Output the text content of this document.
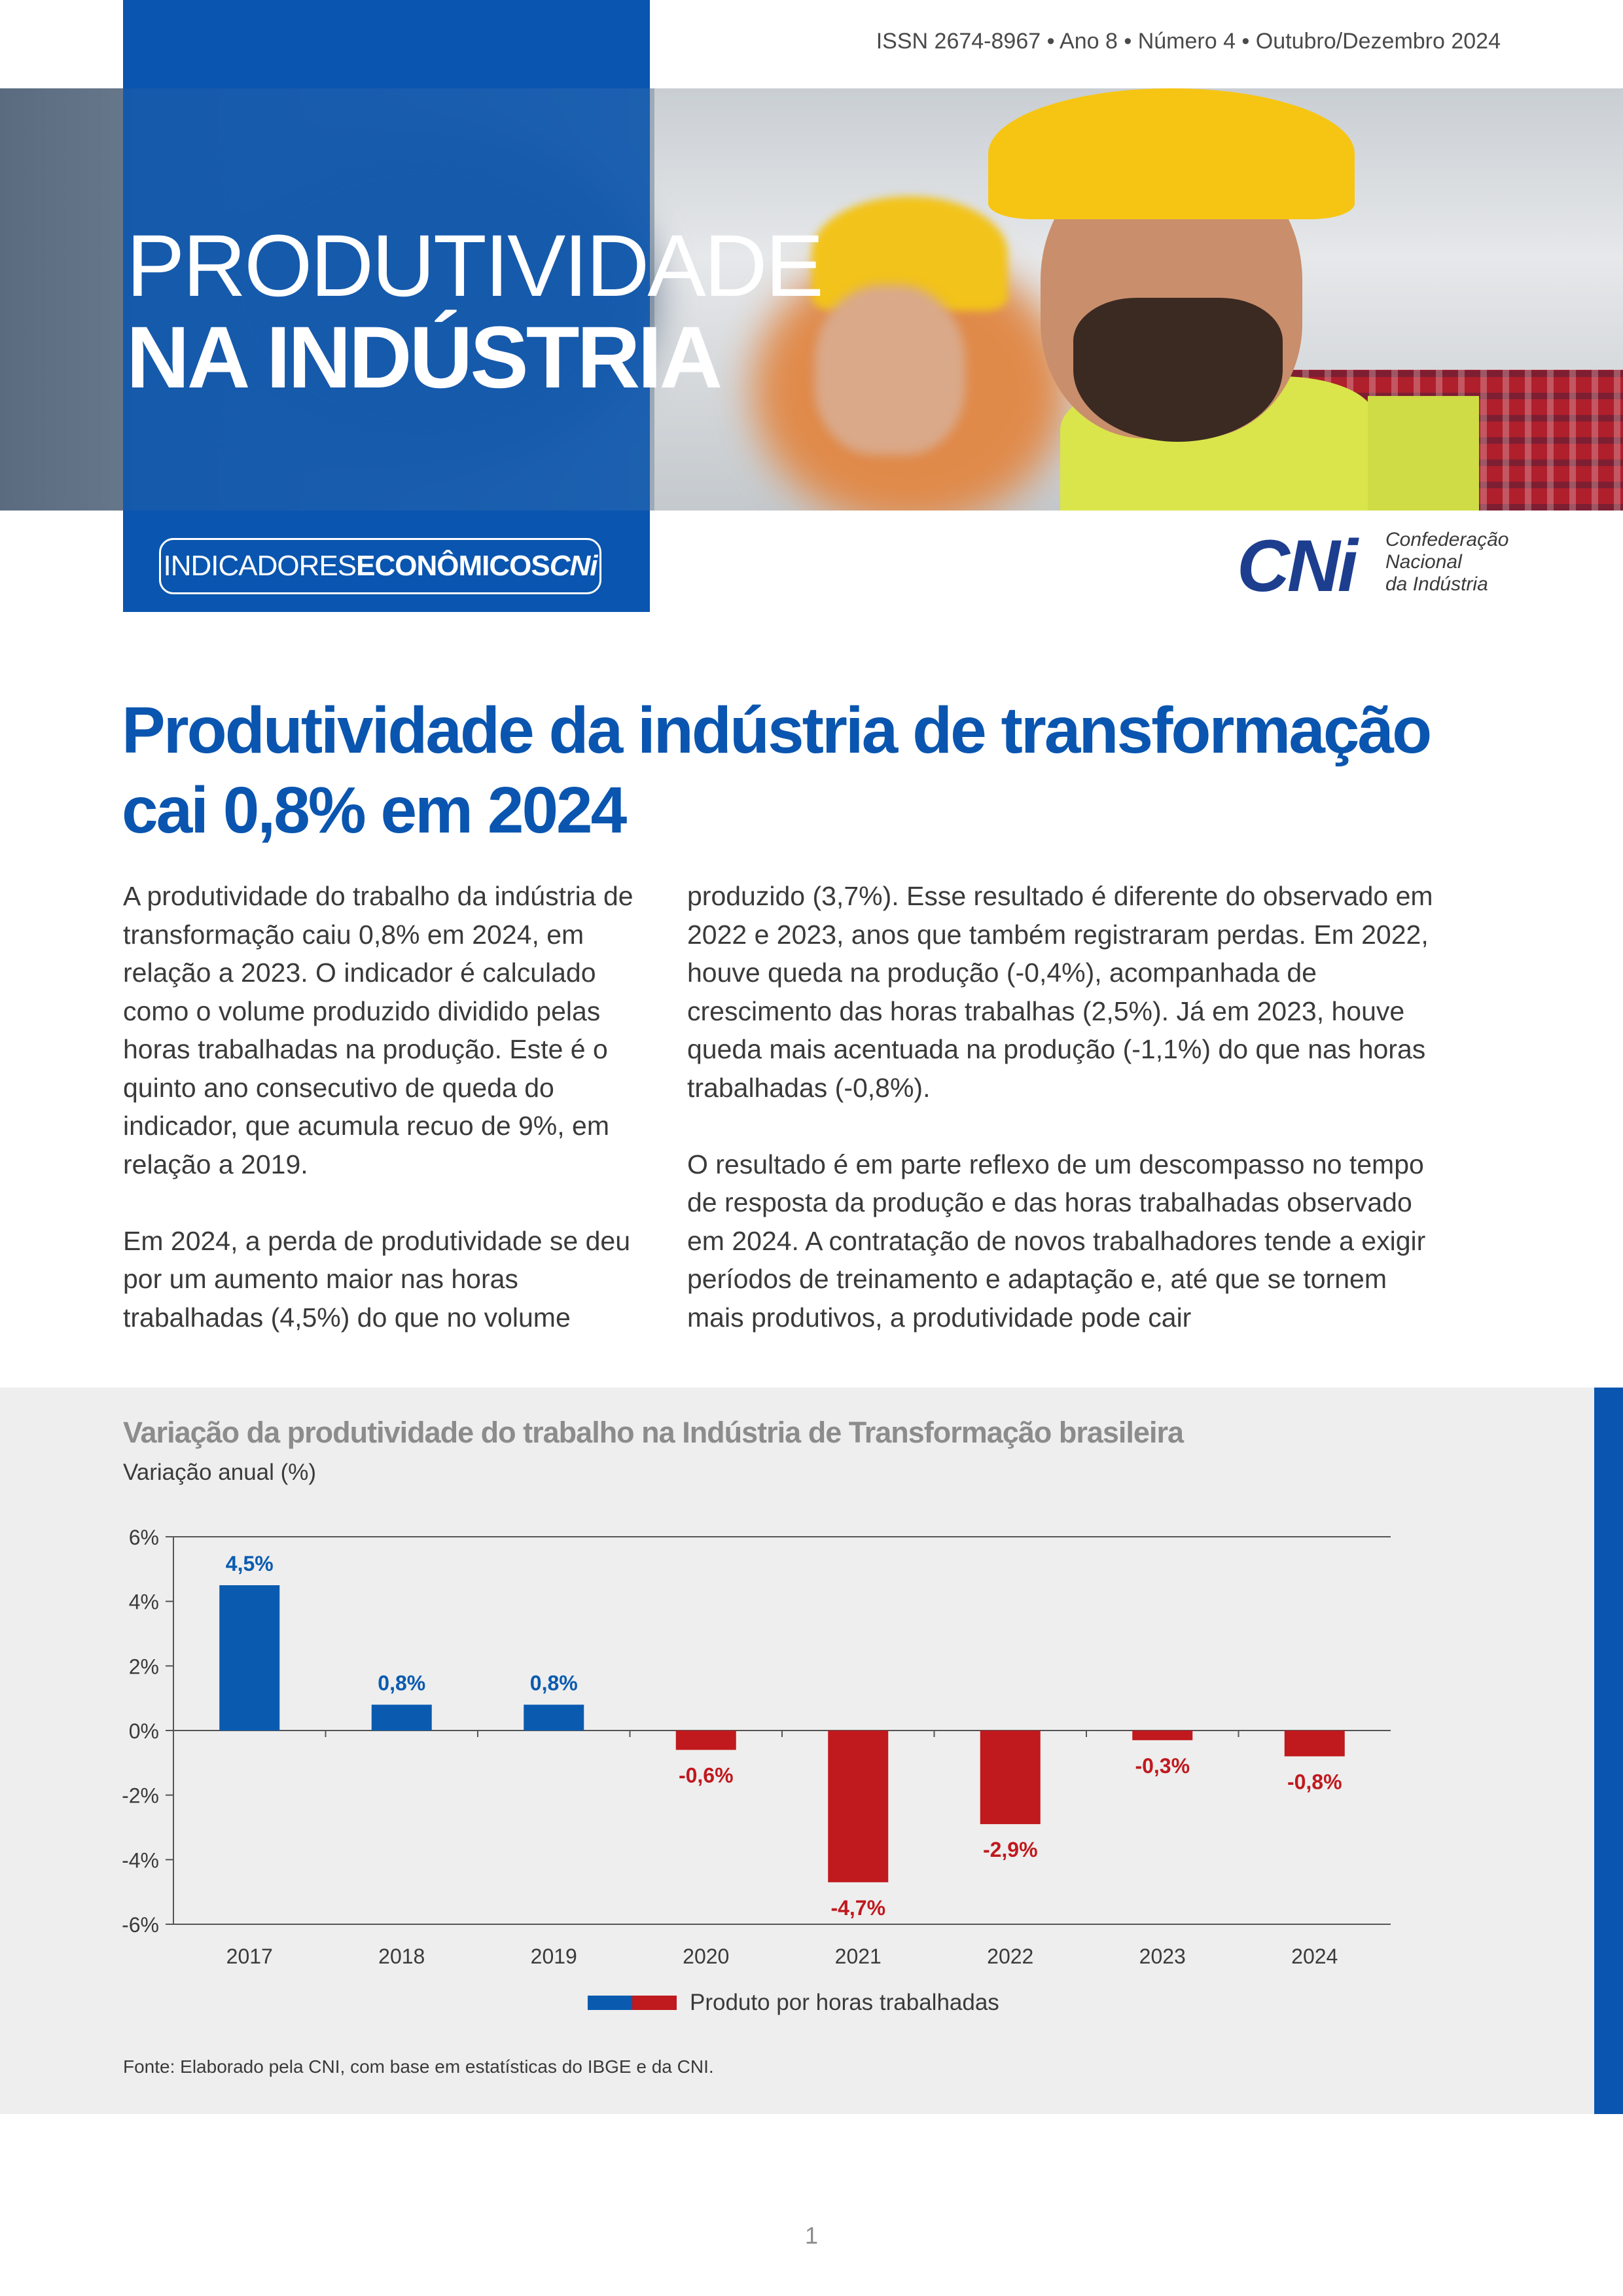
ISSN 2674-8967 • Ano 8 • Número 4 • Outubro/Dezembro 2024
PRODUTIVIDADE
NA INDÚSTRIA
INDICADORES ECONÔMICOS CNi	CNi Confederação
Nacional
da Indústria
Produtividade da indústria de transformação
cai 0,8% em 2024

A produtividade do trabalho da indústria de transformação caiu 0,8% em 2024, em relação a 2023. O indicador é calculado como o volume produzido dividido pelas horas trabalhadas na produção. Este é o quinto ano consecutivo de queda do indicador, que acumula recuo de 9%, em relação a 2019.

Em 2024, a perda de produtividade se deu por um aumento maior nas horas trabalhadas (4,5%) do que no volume

produzido (3,7%). Esse resultado é diferente do observado em 2022 e 2023, anos que também registraram perdas. Em 2022, houve queda na produção (-0,4%), acompanhada de crescimento das horas trabalhas (2,5%). Já em 2023, houve queda mais acentuada na produção (-1,1%) do que nas horas trabalhadas (-0,8%).

O resultado é em parte reflexo de um descompasso no tempo de resposta da produção e das horas trabalhadas observado em 2024. A contratação de novos trabalhadores tende a exigir períodos de treinamento e adaptação e, até que se tornem mais produtivos, a produtividade pode cair

Variação da produtividade do trabalho na Indústria de Transformação brasileira
Variação anual (%)
6%
4%
2%
0%
-2%
-4%
-6%
2017	2018	2019	2020	2021	2022	2023	2024
4,5%
0,8%	0,8%
-0,6%
-4,7%
-2,9%
-0,3%
-0,8%
Produto por horas trabalhadas
Fonte: Elaborado pela CNI, com base em estatísticas do IBGE e da CNI.
1
